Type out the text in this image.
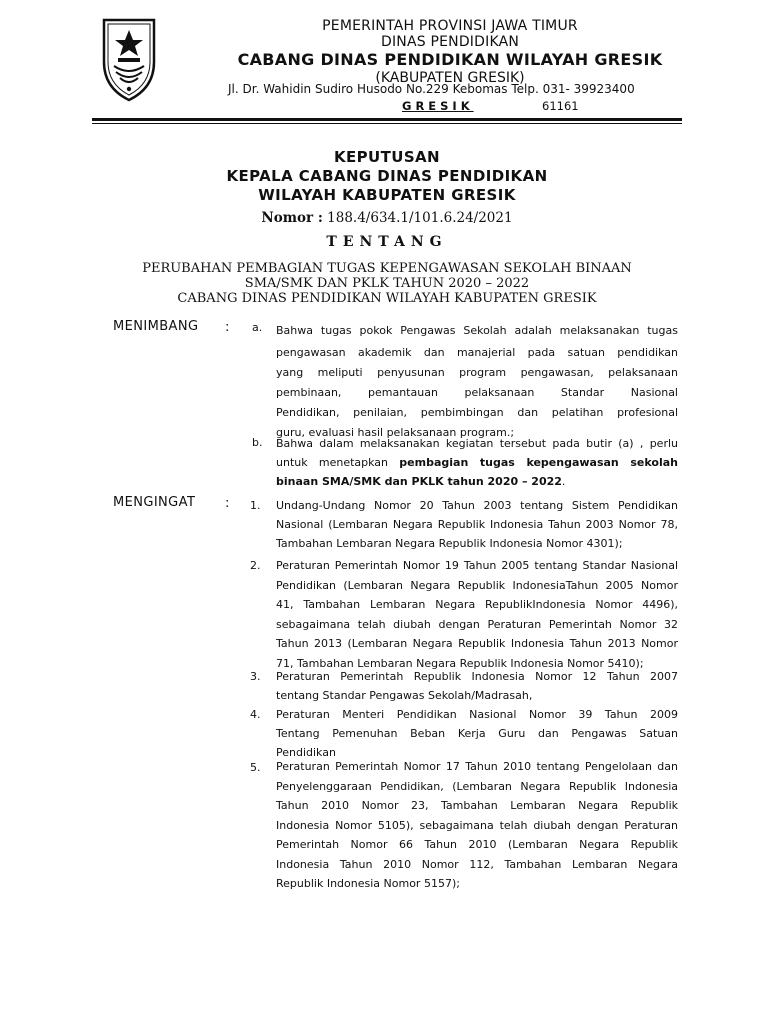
PEMERINTAH PROVINSI JAWA TIMUR
DINAS PENDIDIKAN
CABANG DINAS PENDIDIKAN WILAYAH GRESIK
(KABUPATEN GRESIK)
Jl. Dr. Wahidin Sudiro Husodo No.229 Kebomas Telp. 031- 39923400
GRESIK	61161
KEPUTUSAN
KEPALA CABANG DINAS PENDIDIKAN
WILAYAH KABUPATEN GRESIK
Nomor : 188.4/634.1/101.6.24/2021
TENTANG
PERUBAHAN PEMBAGIAN TUGAS KEPENGAWASAN SEKOLAH BINAAN
SMA/SMK DAN PKLK TAHUN 2020 – 2022
CABANG DINAS PENDIDIKAN WILAYAH KABUPATEN GRESIK
MENIMBANG : a. Bahwa tugas pokok Pengawas Sekolah adalah melaksanakan tugas
pengawasan akademik dan manajerial pada satuan pendidikan
yang meliputi penyusunan program pengawasan, pelaksanaan
pembinaan, pemantauan pelaksanaan Standar Nasional
Pendidikan, penilaian, pembimbingan dan pelatihan profesional
guru, evaluasi hasil pelaksanaan program.;
b. Bahwa dalam melaksanakan kegiatan tersebut pada butir (a) , perlu
untuk menetapkan pembagian tugas kepengawasan sekolah
binaan SMA/SMK dan PKLK tahun 2020 – 2022.
MENGINGAT : 1. Undang-Undang Nomor 20 Tahun 2003 tentang Sistem Pendidikan
Nasional (Lembaran Negara Republik Indonesia Tahun 2003 Nomor 78,
Tambahan Lembaran Negara Republik Indonesia Nomor 4301);
2. Peraturan Pemerintah Nomor 19 Tahun 2005 tentang Standar Nasional
Pendidikan (Lembaran Negara Republik IndonesiaTahun 2005 Nomor
41, Tambahan Lembaran Negara RepublikIndonesia Nomor 4496),
sebagaimana telah diubah dengan Peraturan Pemerintah Nomor 32
Tahun 2013 (Lembaran Negara Republik Indonesia Tahun 2013 Nomor
71, Tambahan Lembaran Negara Republik Indonesia Nomor 5410);
3. Peraturan Pemerintah Republik Indonesia Nomor 12 Tahun 2007
tentang Standar Pengawas Sekolah/Madrasah,
4. Peraturan Menteri Pendidikan Nasional Nomor 39 Tahun 2009
Tentang Pemenuhan Beban Kerja Guru dan Pengawas Satuan
Pendidikan
5. Peraturan Pemerintah Nomor 17 Tahun 2010 tentang Pengelolaan dan
Penyelenggaraan Pendidikan, (Lembaran Negara Republik Indonesia
Tahun 2010 Nomor 23, Tambahan Lembaran Negara Republik
Indonesia Nomor 5105), sebagaimana telah diubah dengan Peraturan
Pemerintah Nomor 66 Tahun 2010 (Lembaran Negara Republik
Indonesia Tahun 2010 Nomor 112, Tambahan Lembaran Negara
Republik Indonesia Nomor 5157);
